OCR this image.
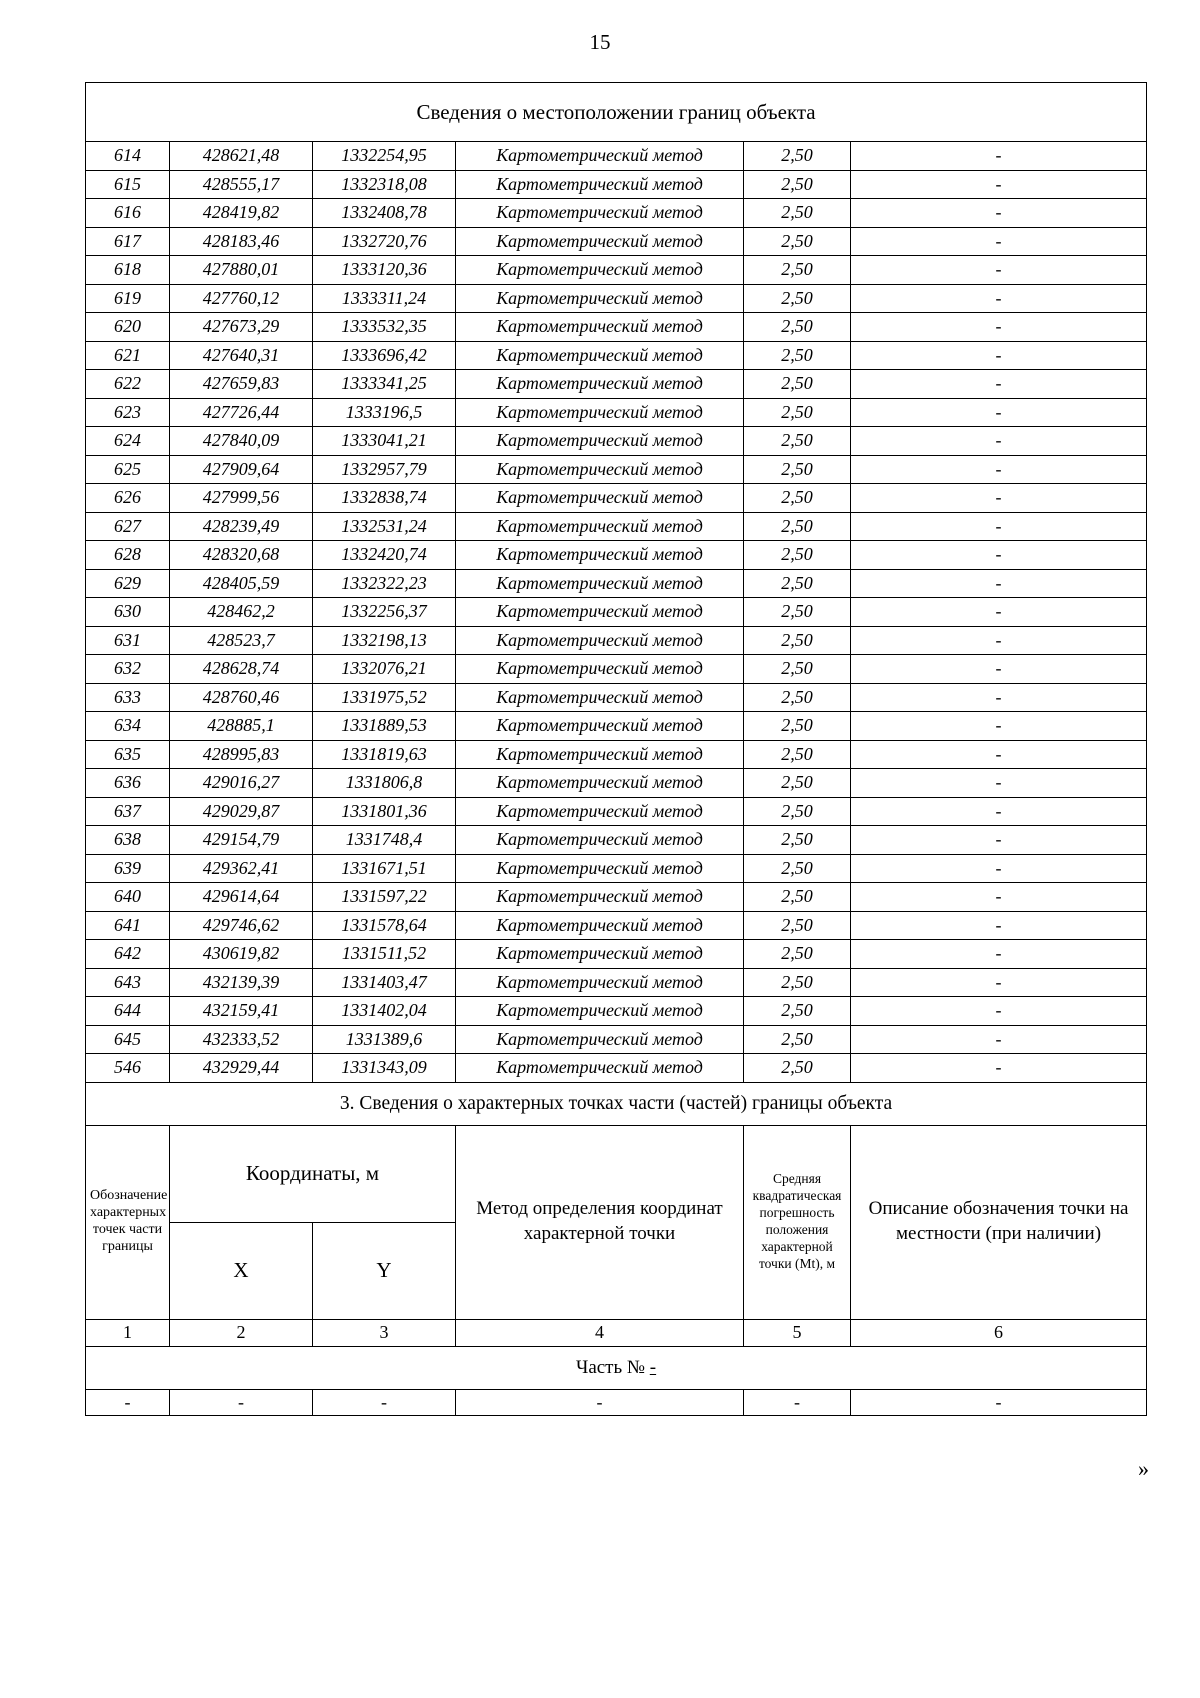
15
Сведения о местоположении границ объекта					
614	428621,48	1332254,95	Картометрический метод	2,50	-
615	428555,17	1332318,08	Картометрический метод	2,50	-
616	428419,82	1332408,78	Картометрический метод	2,50	-
617	428183,46	1332720,76	Картометрический метод	2,50	-
618	427880,01	1333120,36	Картометрический метод	2,50	-
619	427760,12	1333311,24	Картометрический метод	2,50	-
620	427673,29	1333532,35	Картометрический метод	2,50	-
621	427640,31	1333696,42	Картометрический метод	2,50	-
622	427659,83	1333341,25	Картометрический метод	2,50	-
623	427726,44	1333196,5	Картометрический метод	2,50	-
624	427840,09	1333041,21	Картометрический метод	2,50	-
625	427909,64	1332957,79	Картометрический метод	2,50	-
626	427999,56	1332838,74	Картометрический метод	2,50	-
627	428239,49	1332531,24	Картометрический метод	2,50	-
628	428320,68	1332420,74	Картометрический метод	2,50	-
629	428405,59	1332322,23	Картометрический метод	2,50	-
630	428462,2	1332256,37	Картометрический метод	2,50	-
631	428523,7	1332198,13	Картометрический метод	2,50	-
632	428628,74	1332076,21	Картометрический метод	2,50	-
633	428760,46	1331975,52	Картометрический метод	2,50	-
634	428885,1	1331889,53	Картометрический метод	2,50	-
635	428995,83	1331819,63	Картометрический метод	2,50	-
636	429016,27	1331806,8	Картометрический метод	2,50	-
637	429029,87	1331801,36	Картометрический метод	2,50	-
638	429154,79	1331748,4	Картометрический метод	2,50	-
639	429362,41	1331671,51	Картометрический метод	2,50	-
640	429614,64	1331597,22	Картометрический метод	2,50	-
641	429746,62	1331578,64	Картометрический метод	2,50	-
642	430619,82	1331511,52	Картометрический метод	2,50	-
643	432139,39	1331403,47	Картометрический метод	2,50	-
644	432159,41	1331402,04	Картометрический метод	2,50	-
645	432333,52	1331389,6	Картометрический метод	2,50	-
546	432929,44	1331343,09	Картометрический метод	2,50	-
3. Сведения о характерных точках части (частей) границы объекта					
Обозначение характерных точек части границы	Координаты, м		Метод определения координат характерной точки	Средняя квадратическая погрешность положения характерной точки (Mt), м	Описание обозначения точки на местности (при наличии)
	X	Y			
1	2	3	4	5	6
Часть № -					
-	-	-	-	-	-
»
